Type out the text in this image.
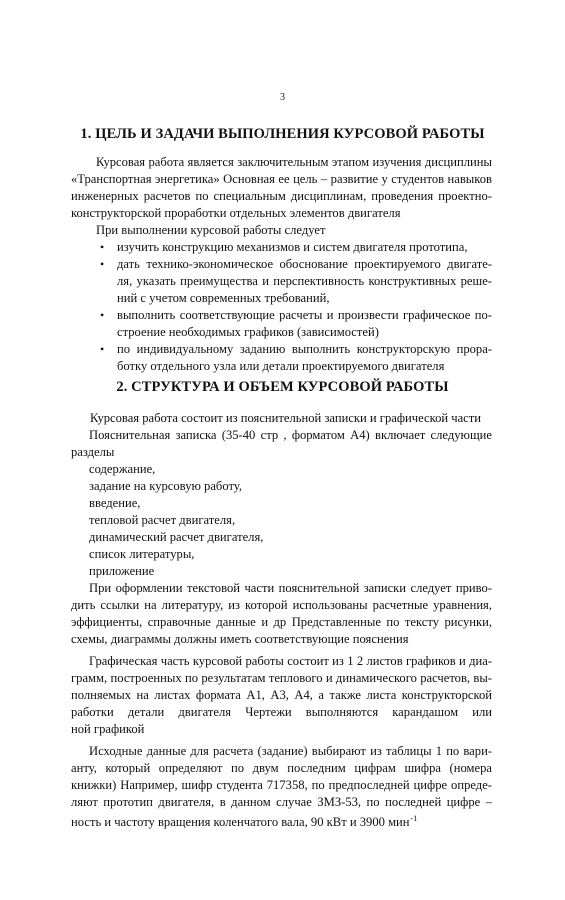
3
1. ЦЕЛЬ И ЗАДАЧИ ВЫПОЛНЕНИЯ КУРСОВОЙ РАБОТЫ
Курсовая работа является заключительным этапом изучения дисциплины
«Транспортная энергетика» Основная ее цель – развитие у студентов навыков
инженерных расчетов по специальным дисциплинам, проведения проектно-
конструкторской проработки отдельных элементов двигателя
При выполнении курсовой работы следует
• изучить конструкцию механизмов и систем двигателя прототипа,
• дать технико-экономическое обоснование проектируемого двигате-
ля, указать преимущества и перспективность конструктивных реше-
ний с учетом современных требований,
• выполнить соответствующие расчеты и произвести графическое по-
строение необходимых графиков (зависимостей)
• по индивидуальному заданию выполнить конструкторскую прора-
ботку отдельного узла или детали проектируемого двигателя
2. СТРУКТУРА И ОБЪЕМ КУРСОВОЙ РАБОТЫ
Курсовая работа состоит из пояснительной записки и графической части
Пояснительная записка (35-40 стр , форматом А4) включает следующие
разделы
содержание,
задание на курсовую работу,
введение,
тепловой расчет двигателя,
динамический расчет двигателя,
список литературы,
приложение
При оформлении текстовой части пояснительной записки следует приво-
дить ссылки на литературу, из которой использованы расчетные уравнения,
эффициенты, справочные данные и др Представленные по тексту рисунки,
схемы, диаграммы должны иметь соответствующие пояснения
Графическая часть курсовой работы состоит из 1 2 листов графиков и диа-
грамм, построенных по результатам теплового и динамического расчетов, вы-
полняемых на листах формата А1, А3, А4, а также листа конструкторской
работки детали двигателя Чертежи выполняются карандашом или
ной графикой
Исходные данные для расчета (задание) выбирают из таблицы 1 по вари-
анту, который определяют по двум последним цифрам шифра (номера
книжки) Например, шифр студента 717358, по предпоследней цифре опреде-
ляют прототип двигателя, в данном случае ЗМЗ-53, по последней цифре –
ность и частоту вращения коленчатого вала, 90 кВт и 3900 мин$^{-1}$
